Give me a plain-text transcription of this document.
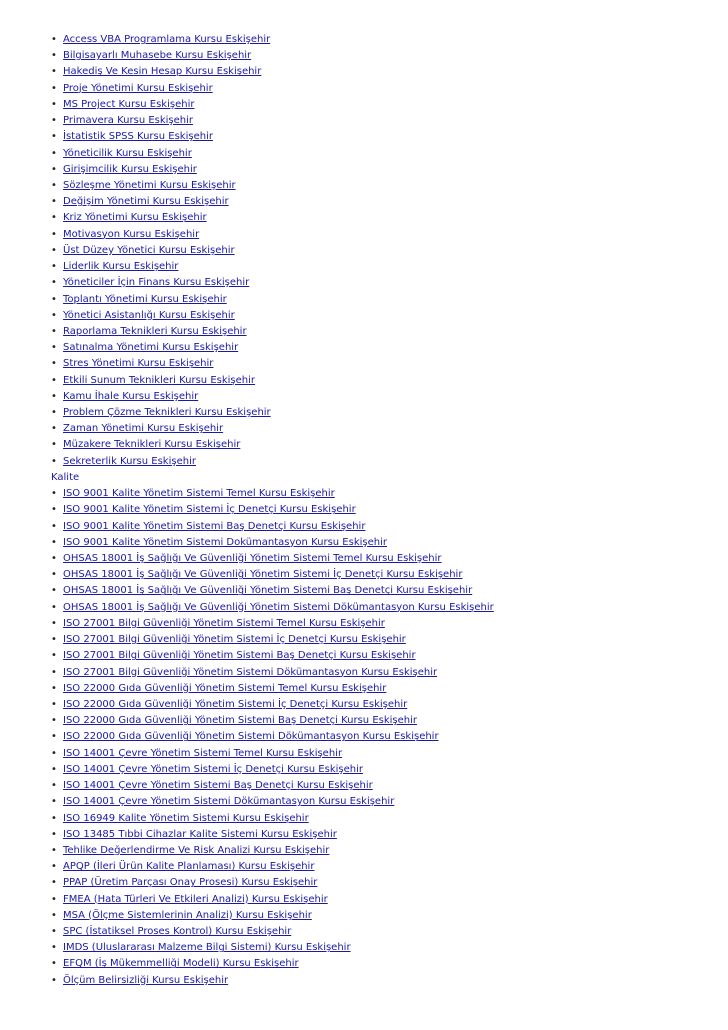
• Access VBA Programlama Kursu Eskişehir
• Bilgisayarlı Muhasebe Kursu Eskişehir
• Hakediş Ve Kesin Hesap Kursu Eskişehir
• Proje Yönetimi Kursu Eskişehir
• MS Project Kursu Eskişehir
• Primavera Kursu Eskişehir
• İstatistik SPSS Kursu Eskişehir
• Yöneticilik Kursu Eskişehir
• Girişimcilik Kursu Eskişehir
• Sözleşme Yönetimi Kursu Eskişehir
• Değişim Yönetimi Kursu Eskişehir
• Kriz Yönetimi Kursu Eskişehir
• Motivasyon Kursu Eskişehir
• Üst Düzey Yönetici Kursu Eskişehir
• Liderlik Kursu Eskişehir
• Yöneticiler İçin Finans Kursu Eskişehir
• Toplantı Yönetimi Kursu Eskişehir
• Yönetici Asistanlığı Kursu Eskişehir
• Raporlama Teknikleri Kursu Eskişehir
• Satınalma Yönetimi Kursu Eskişehir
• Stres Yönetimi Kursu Eskişehir
• Etkili Sunum Teknikleri Kursu Eskişehir
• Kamu İhale Kursu Eskişehir
• Problem Çözme Teknikleri Kursu Eskişehir
• Zaman Yönetimi Kursu Eskişehir
• Müzakere Teknikleri Kursu Eskişehir
• Sekreterlik Kursu Eskişehir
Kalite
• ISO 9001 Kalite Yönetim Sistemi Temel Kursu Eskişehir
• ISO 9001 Kalite Yönetim Sistemi İç Denetçi Kursu Eskişehir
• ISO 9001 Kalite Yönetim Sistemi Baş Denetçi Kursu Eskişehir
• ISO 9001 Kalite Yönetim Sistemi Dokümantasyon Kursu Eskişehir
• OHSAS 18001 İş Sağlığı Ve Güvenliği Yönetim Sistemi Temel Kursu Eskişehir
• OHSAS 18001 İş Sağlığı Ve Güvenliği Yönetim Sistemi İç Denetçi Kursu Eskişehir
• OHSAS 18001 İş Sağlığı Ve Güvenliği Yönetim Sistemi Baş Denetçi Kursu Eskişehir
• OHSAS 18001 İş Sağlığı Ve Güvenliği Yönetim Sistemi Dökümantasyon Kursu Eskişehir
• ISO 27001 Bilgi Güvenliği Yönetim Sistemi Temel Kursu Eskişehir
• ISO 27001 Bilgi Güvenliği Yönetim Sistemi İç Denetçi Kursu Eskişehir
• ISO 27001 Bilgi Güvenliği Yönetim Sistemi Baş Denetçi Kursu Eskişehir
• ISO 27001 Bilgi Güvenliği Yönetim Sistemi Dökümantasyon Kursu Eskişehir
• ISO 22000 Gıda Güvenliği Yönetim Sistemi Temel Kursu Eskişehir
• ISO 22000 Gıda Güvenliği Yönetim Sistemi İç Denetçi Kursu Eskişehir
• ISO 22000 Gıda Güvenliği Yönetim Sistemi Baş Denetçi Kursu Eskişehir
• ISO 22000 Gıda Güvenliği Yönetim Sistemi Dökümantasyon Kursu Eskişehir
• ISO 14001 Çevre Yönetim Sistemi Temel Kursu Eskişehir
• ISO 14001 Çevre Yönetim Sistemi İç Denetçi Kursu Eskişehir
• ISO 14001 Çevre Yönetim Sistemi Baş Denetçi Kursu Eskişehir
• ISO 14001 Çevre Yönetim Sistemi Dökümantasyon Kursu Eskişehir
• ISO 16949 Kalite Yönetim Sistemi Kursu Eskişehir
• ISO 13485 Tıbbi Cihazlar Kalite Sistemi Kursu Eskişehir
• Tehlike Değerlendirme Ve Risk Analizi Kursu Eskişehir
• APQP (İleri Ürün Kalite Planlaması) Kursu Eskişehir
• PPAP (Üretim Parçası Onay Prosesi) Kursu Eskişehir
• FMEA (Hata Türleri Ve Etkileri Analizi) Kursu Eskişehir
• MSA (Ölçme Sistemlerinin Analizi) Kursu Eskişehir
• SPC (İstatiksel Proses Kontrol) Kursu Eskişehir
• IMDS (Uluslararası Malzeme Bilgi Sistemi) Kursu Eskişehir
• EFQM (İş Mükemmelliği Modeli) Kursu Eskişehir
• Ölçüm Belirsizliği Kursu Eskişehir
